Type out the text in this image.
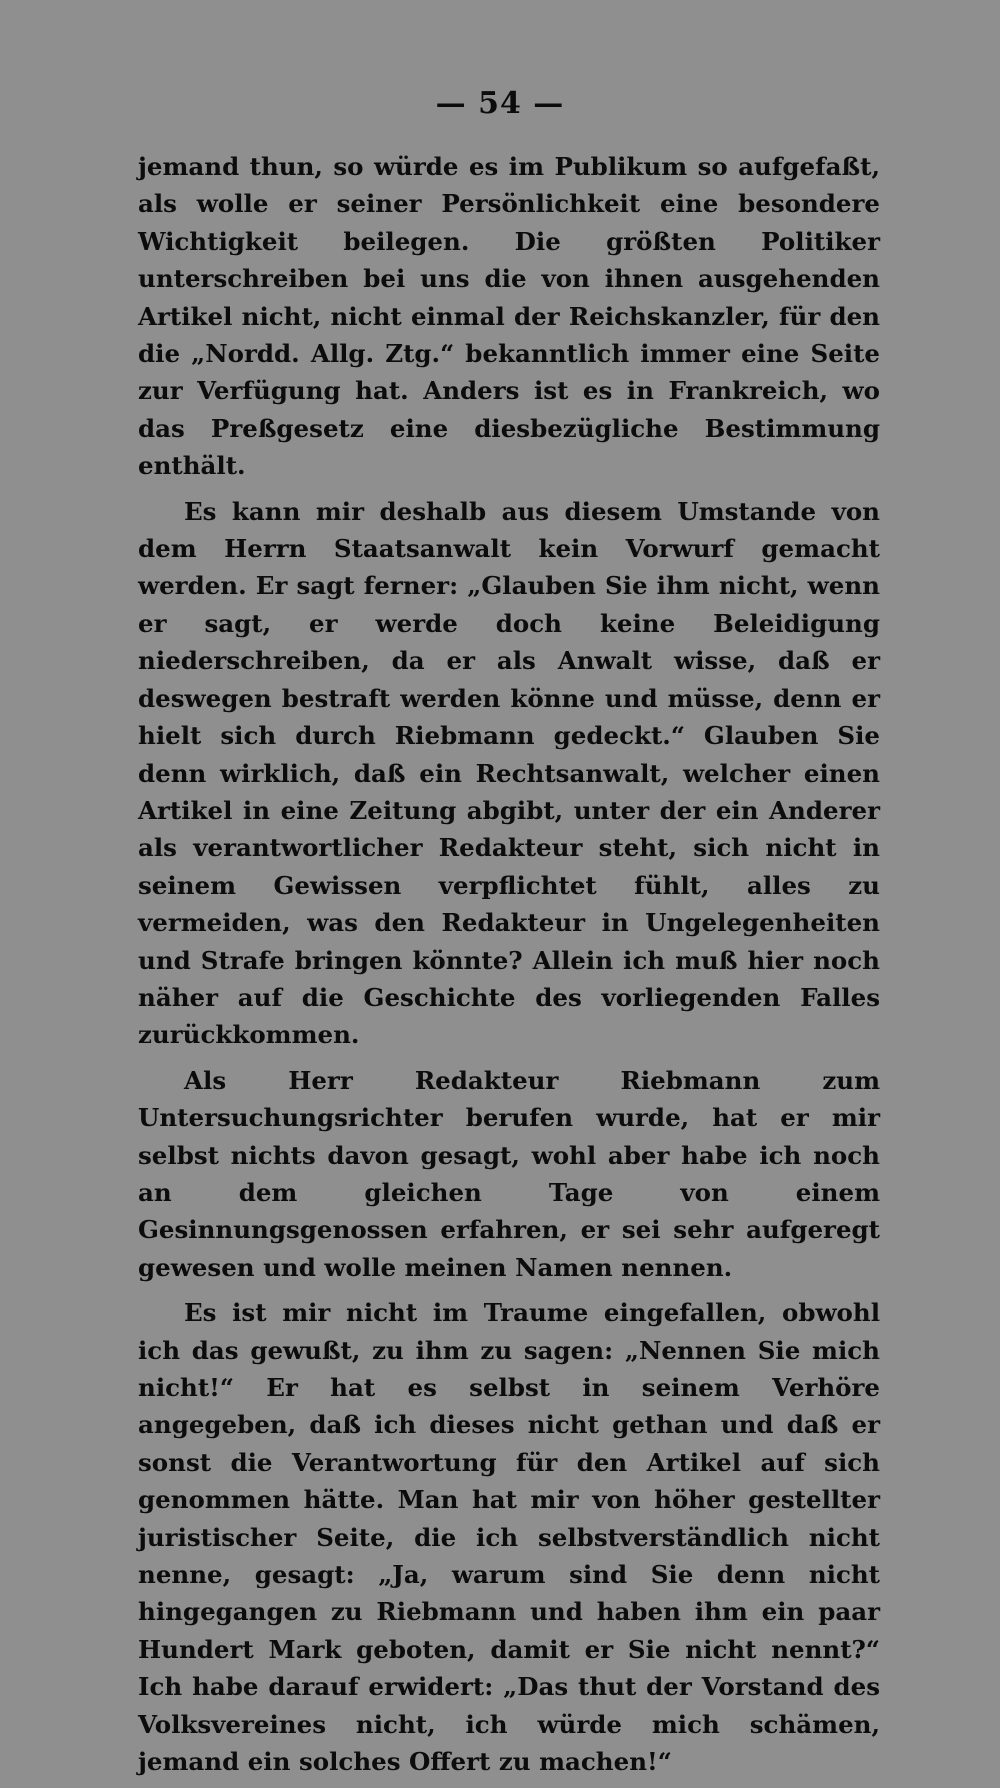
— 54 —

jemand thun, so würde es im Publikum so aufgefaßt, als wolle er seiner Persönlichkeit eine besondere Wichtigkeit beilegen. Die größten Politiker unterschreiben bei uns die von ihnen ausgehenden Artikel nicht, nicht einmal der Reichskanzler, für den die „Nordd. Allg. Ztg.“ bekanntlich immer eine Seite zur Verfügung hat. Anders ist es in Frankreich, wo das Preßgesetz eine diesbezügliche Bestimmung enthält.

Es kann mir deshalb aus diesem Umstande von dem Herrn Staatsanwalt kein Vorwurf gemacht werden. Er sagt ferner: „Glauben Sie ihm nicht, wenn er sagt, er werde doch keine Beleidigung niederschreiben, da er als Anwalt wisse, daß er deswegen bestraft werden könne und müsse, denn er hielt sich durch Riebmann gedeckt.“ Glauben Sie denn wirklich, daß ein Rechtsanwalt, welcher einen Artikel in eine Zeitung abgibt, unter der ein Anderer als verantwortlicher Redakteur steht, sich nicht in seinem Gewissen verpflichtet fühlt, alles zu vermeiden, was den Redakteur in Ungelegenheiten und Strafe bringen könnte? Allein ich muß hier noch näher auf die Geschichte des vorliegenden Falles zurückkommen.

Als Herr Redakteur Riebmann zum Untersuchungsrichter berufen wurde, hat er mir selbst nichts davon gesagt, wohl aber habe ich noch an dem gleichen Tage von einem Gesinnungsgenossen erfahren, er sei sehr aufgeregt gewesen und wolle meinen Namen nennen.

Es ist mir nicht im Traume eingefallen, obwohl ich das gewußt, zu ihm zu sagen: „Nennen Sie mich nicht!“ Er hat es selbst in seinem Verhöre angegeben, daß ich dieses nicht gethan und daß er sonst die Verantwortung für den Artikel auf sich genommen hätte. Man hat mir von höher gestellter juristischer Seite, die ich selbstverständlich nicht nenne, gesagt: „Ja, warum sind Sie denn nicht hingegangen zu Riebmann und haben ihm ein paar Hundert Mark geboten, damit er Sie nicht nennt?“ Ich habe darauf erwidert: „Das thut der Vorstand des Volksvereines nicht, ich würde mich schämen, jemand ein solches Offert zu machen!“
